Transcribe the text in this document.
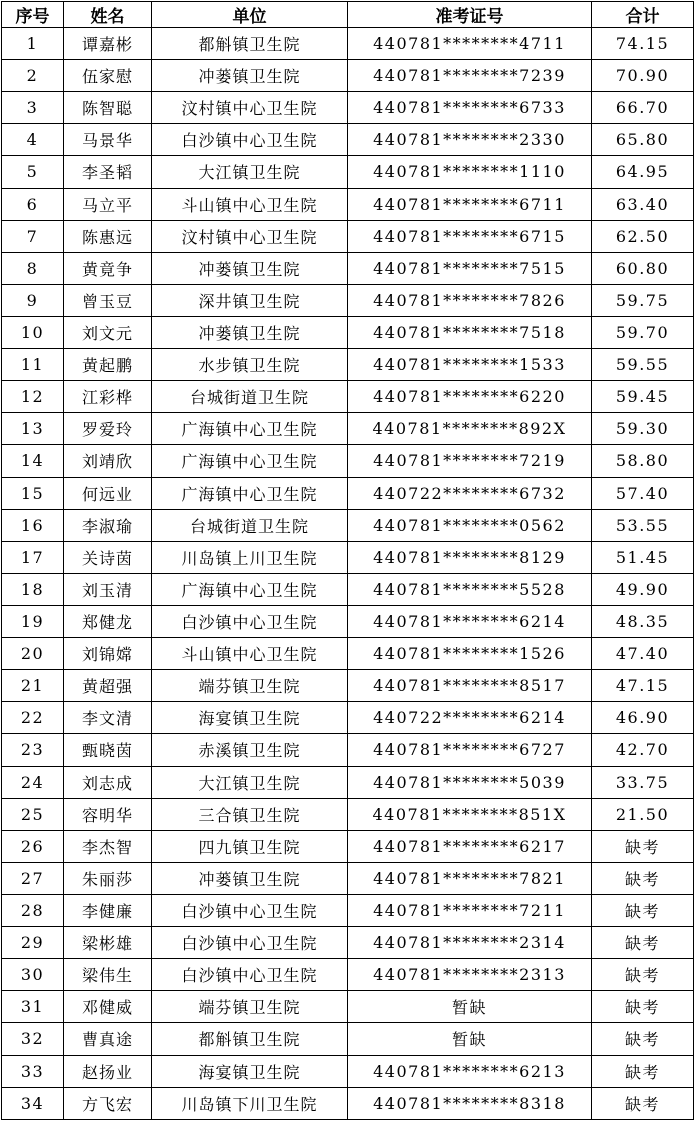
序号	姓名	单位	准考证号	合计
1	谭嘉彬	都斛镇卫生院	440781********4711	74.15
2	伍家慰	冲蒌镇卫生院	440781********7239	70.90
3	陈智聪	汶村镇中心卫生院	440781********6733	66.70
4	马景华	白沙镇中心卫生院	440781********2330	65.80
5	李圣韬	大江镇卫生院	440781********1110	64.95
6	马立平	斗山镇中心卫生院	440781********6711	63.40
7	陈惠远	汶村镇中心卫生院	440781********6715	62.50
8	黄竟争	冲蒌镇卫生院	440781********7515	60.80
9	曾玉豆	深井镇卫生院	440781********7826	59.75
10	刘文元	冲蒌镇卫生院	440781********7518	59.70
11	黄起鹏	水步镇卫生院	440781********1533	59.55
12	江彩桦	台城街道卫生院	440781********6220	59.45
13	罗爱玲	广海镇中心卫生院	440781********892X	59.30
14	刘靖欣	广海镇中心卫生院	440781********7219	58.80
15	何远业	广海镇中心卫生院	440722********6732	57.40
16	李淑瑜	台城街道卫生院	440781********0562	53.55
17	关诗茵	川岛镇上川卫生院	440781********8129	51.45
18	刘玉清	广海镇中心卫生院	440781********5528	49.90
19	郑健龙	白沙镇中心卫生院	440781********6214	48.35
20	刘锦嫦	斗山镇中心卫生院	440781********1526	47.40
21	黄超强	端芬镇卫生院	440781********8517	47.15
22	李文清	海宴镇卫生院	440722********6214	46.90
23	甄晓茵	赤溪镇卫生院	440781********6727	42.70
24	刘志成	大江镇卫生院	440781********5039	33.75
25	容明华	三合镇卫生院	440781********851X	21.50
26	李杰智	四九镇卫生院	440781********6217	缺考
27	朱丽莎	冲蒌镇卫生院	440781********7821	缺考
28	李健廉	白沙镇中心卫生院	440781********7211	缺考
29	梁彬雄	白沙镇中心卫生院	440781********2314	缺考
30	梁伟生	白沙镇中心卫生院	440781********2313	缺考
31	邓健威	端芬镇卫生院	暂缺	缺考
32	曹真途	都斛镇卫生院	暂缺	缺考
33	赵扬业	海宴镇卫生院	440781********6213	缺考
34	方飞宏	川岛镇下川卫生院	440781********8318	缺考
